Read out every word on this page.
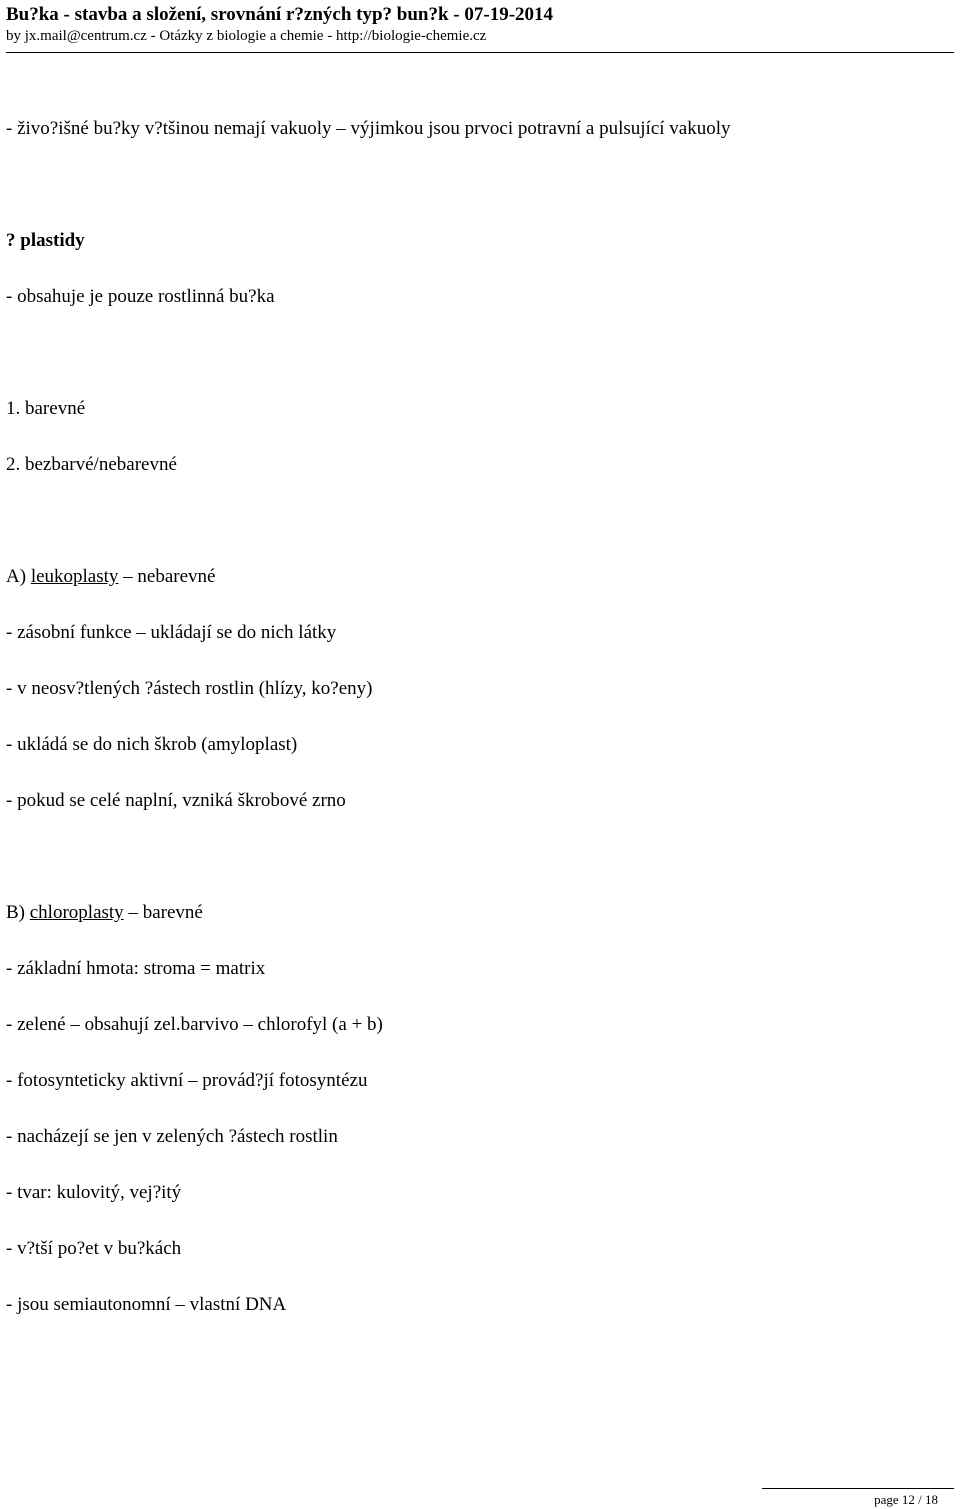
Bu?ka - stavba a složení, srovnání r?zných typ? bun?k - 07-19-2014
by jx.mail@centrum.cz - Otázky z biologie a chemie - http://biologie-chemie.cz
- živo?išné bu?ky v?tšinou nemají vakuoly – výjimkou jsou prvoci potravní a pulsující vakuoly
? plastidy
- obsahuje je pouze rostlinná bu?ka
1. barevné
2. bezbarvé/nebarevné
A) leukoplasty – nebarevné
- zásobní funkce – ukládají se do nich látky
- v neosv?tlených ?ástech rostlin (hlízy, ko?eny)
- ukládá se do nich škrob (amyloplast)
- pokud se celé naplní, vzniká škrobové zrno
B) chloroplasty – barevné
- základní hmota: stroma = matrix
- zelené – obsahují zel.barvivo – chlorofyl (a + b)
- fotosynteticky aktivní – provád?jí fotosyntézu
- nacházejí se jen v zelených ?ástech rostlin
- tvar: kulovitý, vej?itý
- v?tší po?et v bu?kách
- jsou semiautonomní – vlastní DNA
page 12 / 18
